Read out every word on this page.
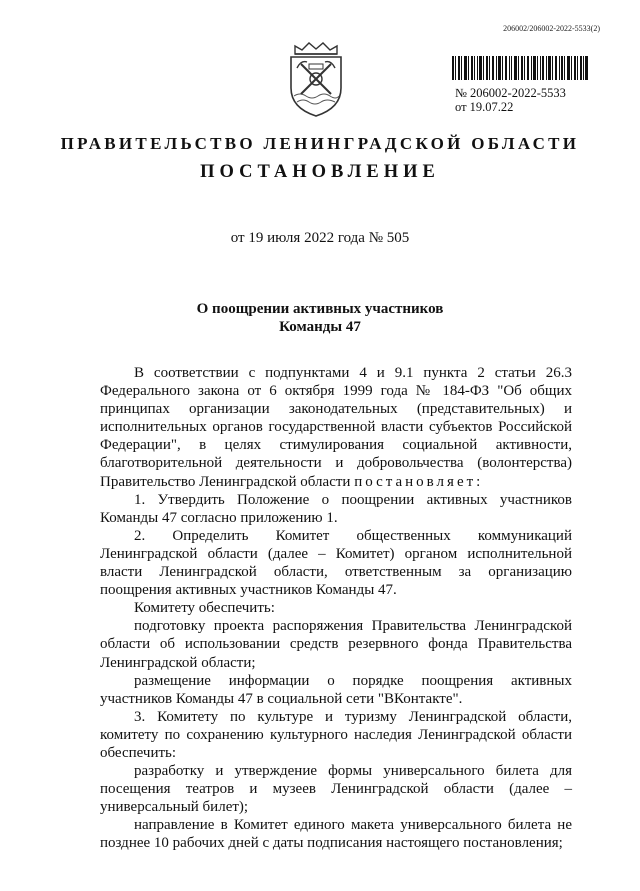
206002/206002-2022-5533(2)
№ 206002-2022-5533
от 19.07.22
ПРАВИТЕЛЬСТВО ЛЕНИНГРАДСКОЙ ОБЛАСТИ
ПОСТАНОВЛЕНИЕ
от 19 июля 2022 года № 505
О поощрении активных участников
Команды 47

В соответствии с подпунктами 4 и 9.1 пункта 2 статьи 26.3 Федерального закона от 6 октября 1999 года № 184-ФЗ "Об общих принципах организации законодательных (представительных) и исполнительных органов государственной власти субъектов Российской Федерации", в целях стимулирования социальной активности, благотворительной деятельности и добровольчества (волонтерства) Правительство Ленинградской области постановляет:

1. Утвердить Положение о поощрении активных участников Команды 47 согласно приложению 1.

2. Определить Комитет общественных коммуникаций Ленинградской области (далее – Комитет) органом исполнительной власти Ленинградской области, ответственным за организацию поощрения активных участников Команды 47.

Комитету обеспечить:

подготовку проекта распоряжения Правительства Ленинградской области об использовании средств резервного фонда Правительства Ленинградской области;

размещение информации о порядке поощрения активных участников Команды 47 в социальной сети "ВКонтакте".

3. Комитету по культуре и туризму Ленинградской области, комитету по сохранению культурного наследия Ленинградской области обеспечить:

разработку и утверждение формы универсального билета для посещения театров и музеев Ленинградской области (далее – универсальный билет);

направление в Комитет единого макета универсального билета не позднее 10 рабочих дней с даты подписания настоящего постановления;
